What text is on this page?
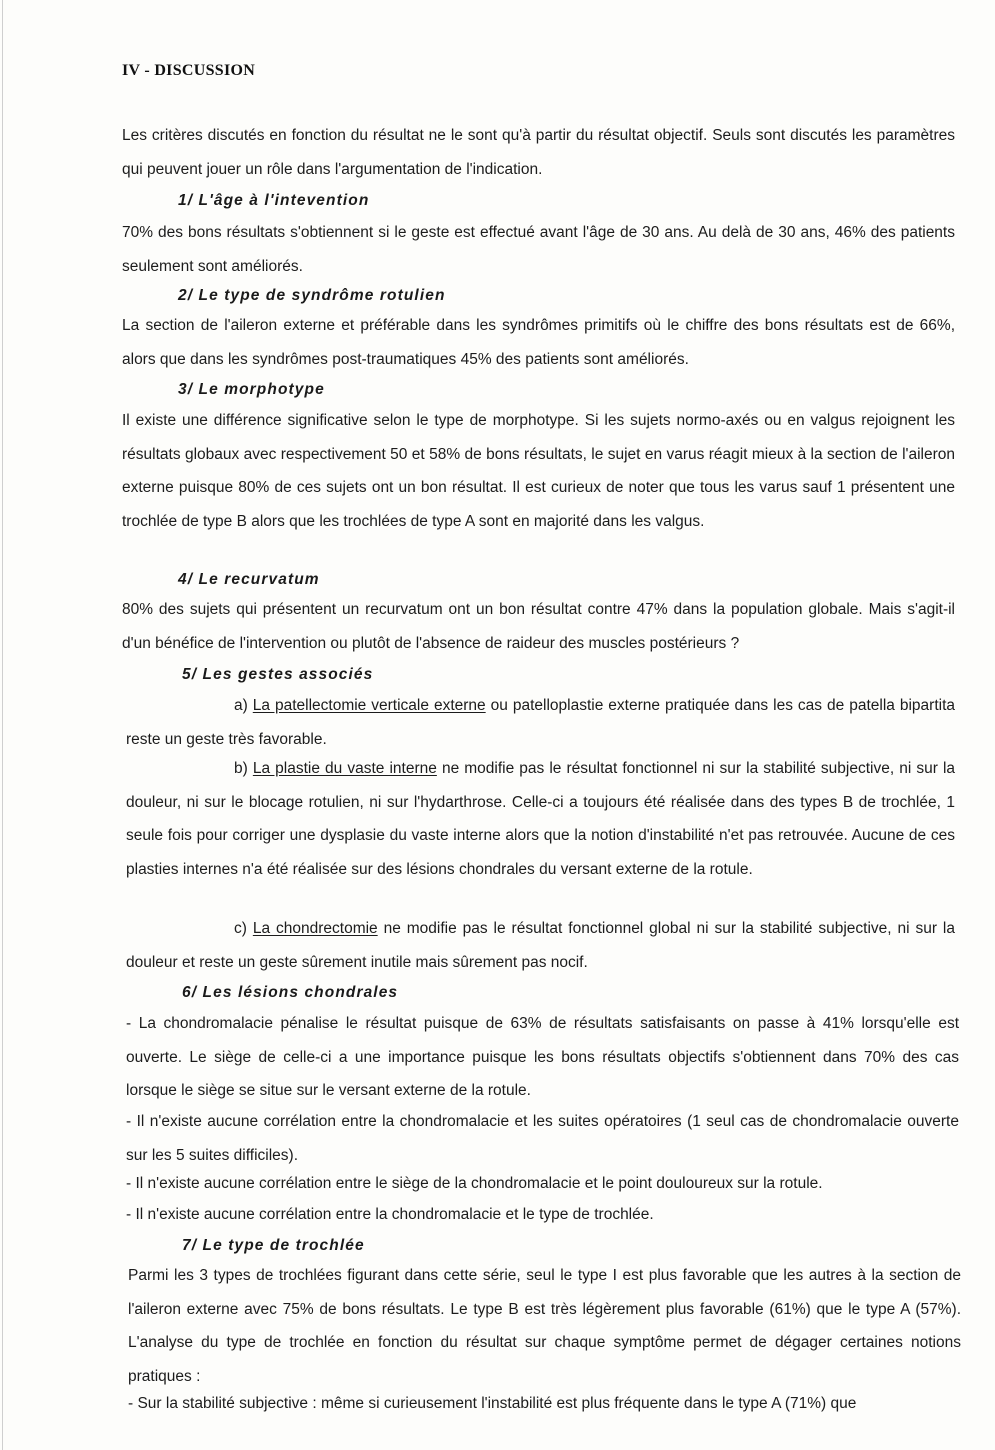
IV - DISCUSSION

Les critères discutés en fonction du résultat ne le sont qu'à partir du résultat objectif. Seuls sont discutés les paramètres qui peuvent jouer un rôle dans l'argumentation de l'indication.

1/ L'âge à l'intevention

70% des bons résultats s'obtiennent si le geste est effectué avant l'âge de 30 ans. Au delà de 30 ans, 46% des patients seulement sont améliorés.

2/ Le type de syndrôme rotulien

La section de l'aileron externe et préférable dans les syndrômes primitifs où le chiffre des bons résultats est de 66%, alors que dans les syndrômes post-traumatiques 45% des patients sont améliorés.

3/ Le morphotype

Il existe une différence significative selon le type de morphotype. Si les sujets normo-axés ou en valgus rejoignent les résultats globaux avec respectivement 50 et 58% de bons résultats, le sujet en varus réagit mieux à la section de l'aileron externe puisque 80% de ces sujets ont un bon résultat. Il est curieux de noter que tous les varus sauf 1 présentent une trochlée de type B alors que les trochlées de type A sont en majorité dans les valgus.

4/ Le recurvatum

80% des sujets qui présentent un recurvatum ont un bon résultat contre 47% dans la population globale. Mais s'agit-il d'un bénéfice de l'intervention ou plutôt de l'absence de raideur des muscles postérieurs ?

5/ Les gestes associés

a) La patellectomie verticale externe ou patelloplastie externe pratiquée dans les cas de patella bipartita reste un geste très favorable.

b) La plastie du vaste interne ne modifie pas le résultat fonctionnel ni sur la stabilité subjective, ni sur la douleur, ni sur le blocage rotulien, ni sur l'hydarthrose. Celle-ci a toujours été réalisée dans des types B de trochlée, 1 seule fois pour corriger une dysplasie du vaste interne alors que la notion d'instabilité n'et pas retrouvée. Aucune de ces plasties internes n'a été réalisée sur des lésions chondrales du versant externe de la rotule.

c) La chondrectomie ne modifie pas le résultat fonctionnel global ni sur la stabilité subjective, ni sur la douleur et reste un geste sûrement inutile mais sûrement pas nocif.

6/ Les lésions chondrales

- La chondromalacie pénalise le résultat puisque de 63% de résultats satisfaisants on passe à 41% lorsqu'elle est ouverte. Le siège de celle-ci a une importance puisque les bons résultats objectifs s'obtiennent dans 70% des cas lorsque le siège se situe sur le versant externe de la rotule.

- Il n'existe aucune corrélation entre la chondromalacie et les suites opératoires (1 seul cas de chondromalacie ouverte sur les 5 suites difficiles).

- Il n'existe aucune corrélation entre le siège de la chondromalacie et le point douloureux sur la rotule.

- Il n'existe aucune corrélation entre la chondromalacie et le type de trochlée.

7/ Le type de trochlée

Parmi les 3 types de trochlées figurant dans cette série, seul le type I est plus favorable que les autres à la section de l'aileron externe avec 75% de bons résultats. Le type B est très légèrement plus favorable (61%) que le type A (57%). L'analyse du type de trochlée en fonction du résultat sur chaque symptôme permet de dégager certaines notions pratiques :

- Sur la stabilité subjective : même si curieusement l'instabilité est plus fréquente dans le type A (71%) que
